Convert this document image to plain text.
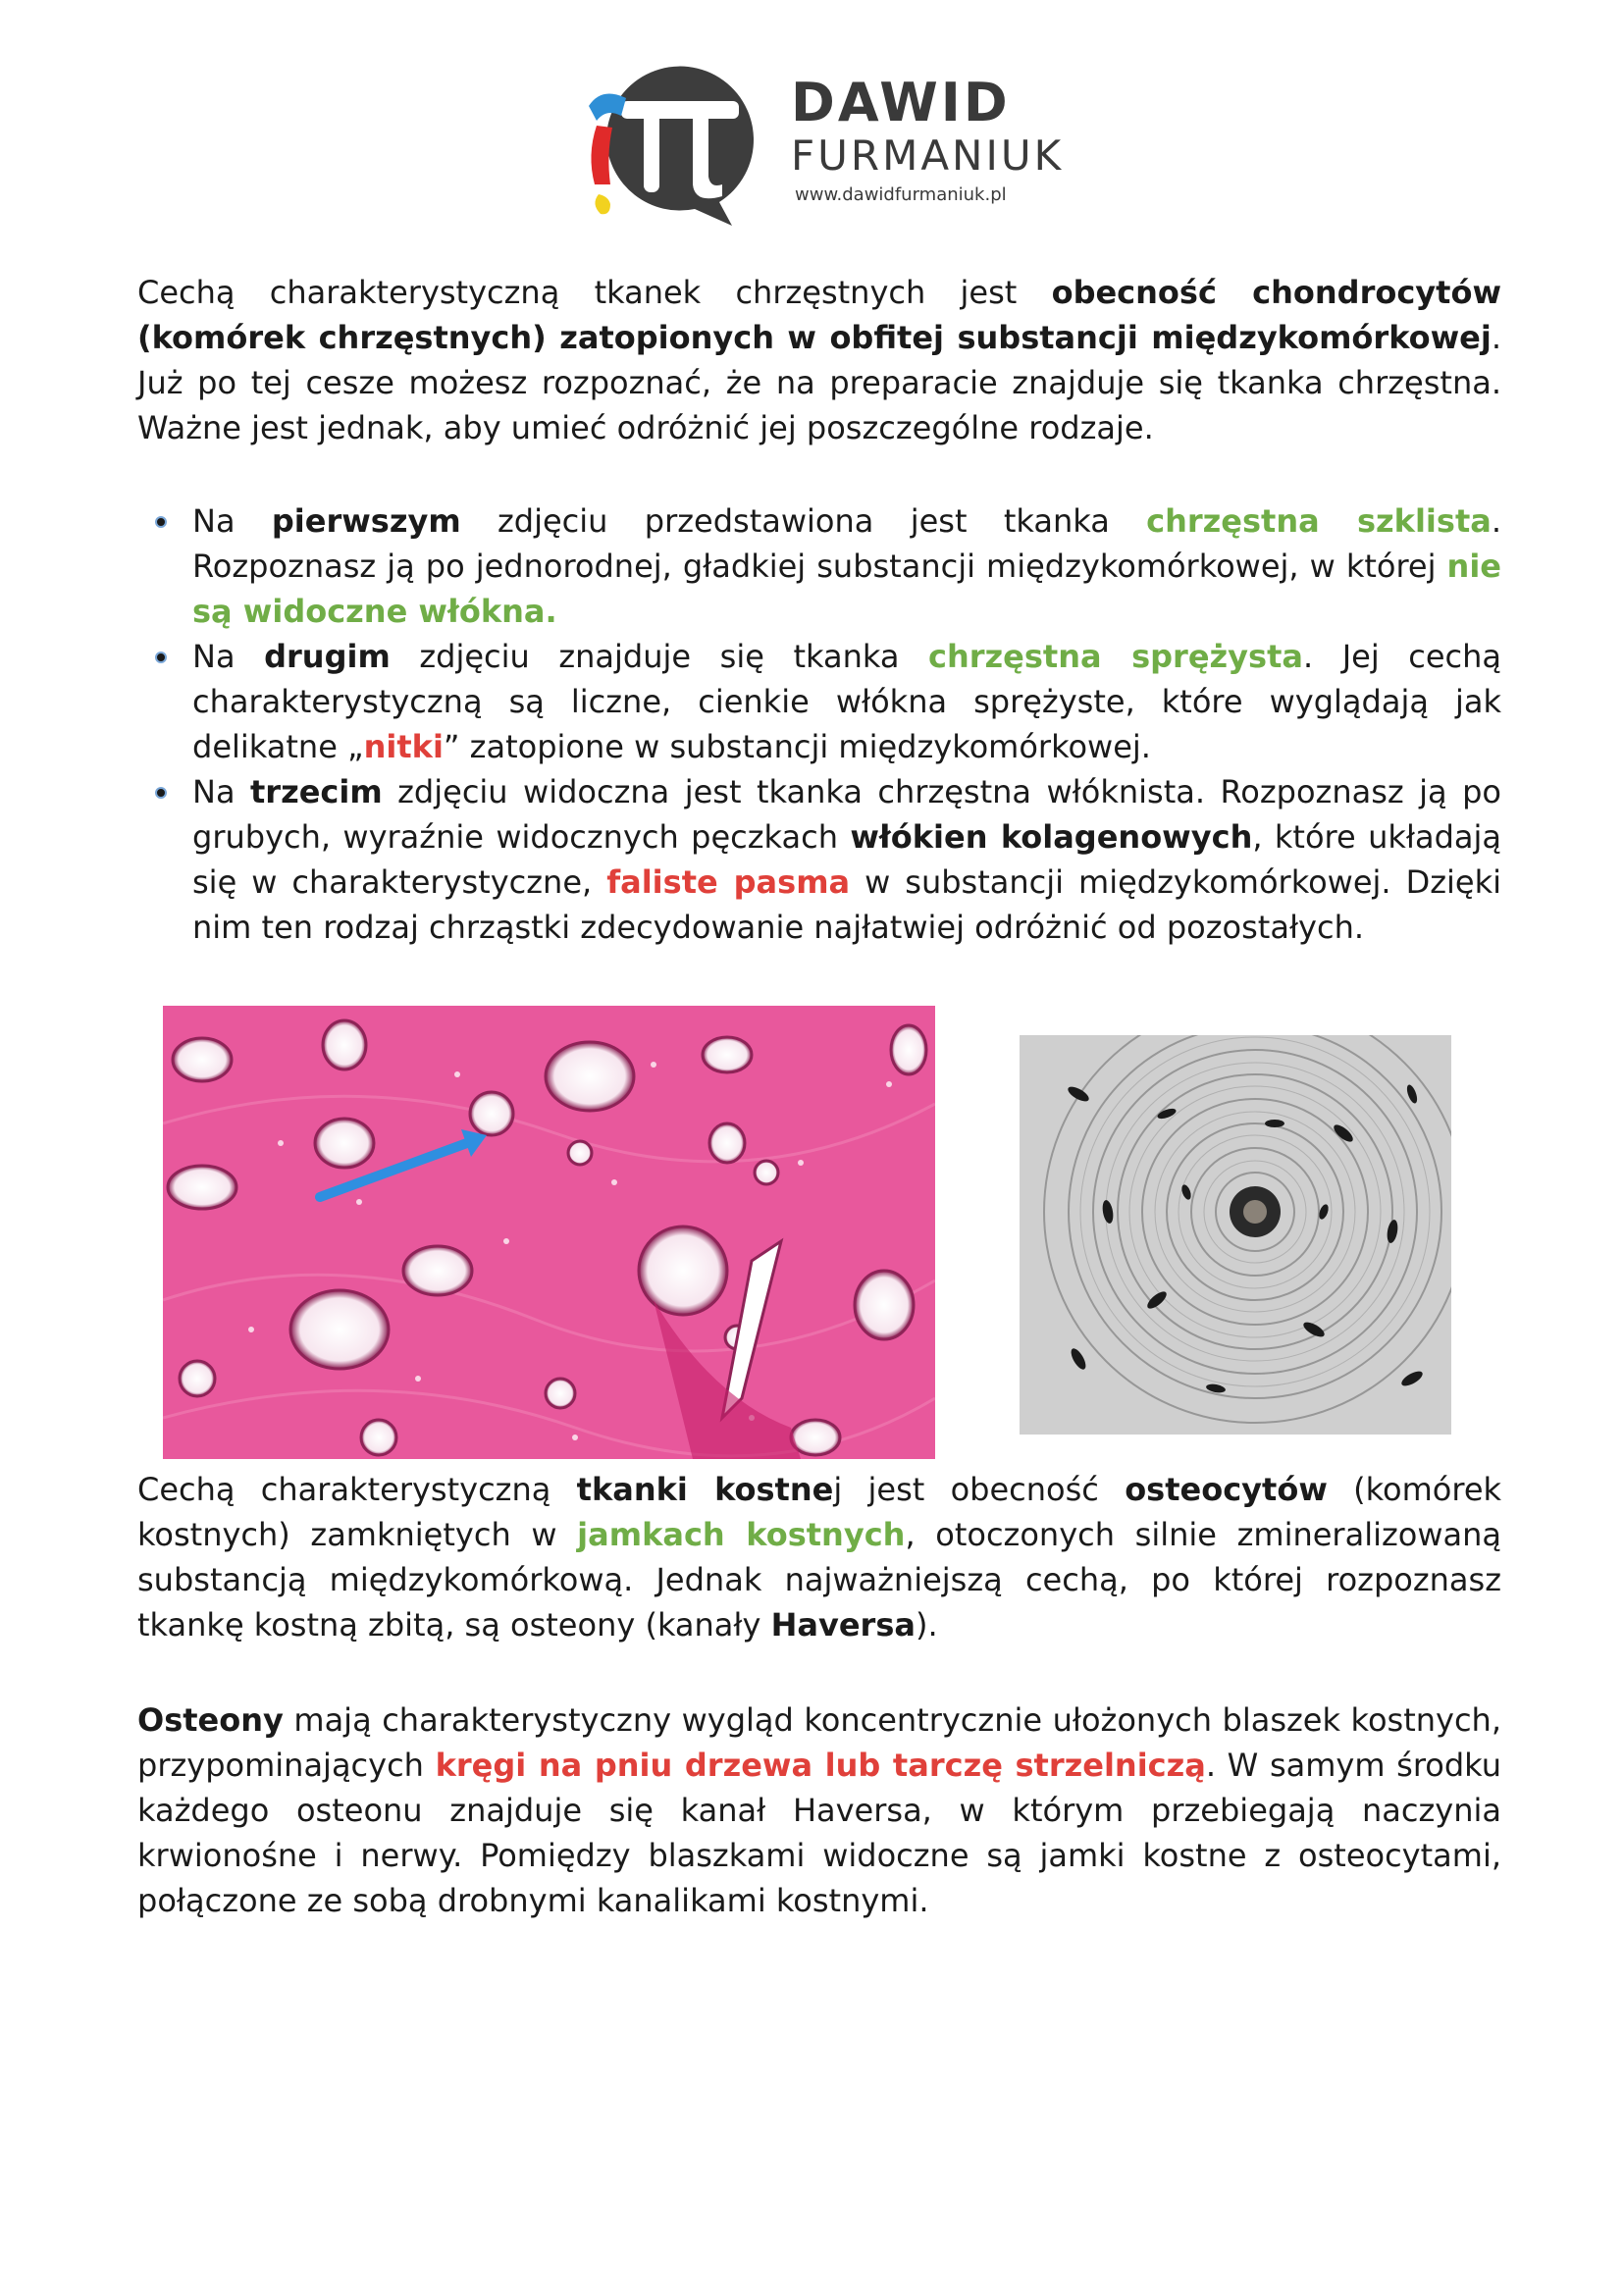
DAWID
FURMANIUK
www.dawidfurmaniuk.pl

Cechą charakterystyczną tkanek chrzęstnych jest obecność chondrocytów (komórek chrzęstnych) zatopionych w obfitej substancji międzykomórkowej. Już po tej cesze możesz rozpoznać, że na preparacie znajduje się tkanka chrzęstna. Ważne jest jednak, aby umieć odróżnić jej poszczególne rodzaje.

Na pierwszym zdjęciu przedstawiona jest tkanka chrzęstna szklista. Rozpoznasz ją po jednorodnej, gładkiej substancji międzykomórkowej, w której nie są widoczne włókna.
Na drugim zdjęciu znajduje się tkanka chrzęstna sprężysta. Jej cechą charakterystyczną są liczne, cienkie włókna sprężyste, które wyglądają jak delikatne „nitki” zatopione w substancji międzykomórkowej.
Na trzecim zdjęciu widoczna jest tkanka chrzęstna włóknista. Rozpoznasz ją po grubych, wyraźnie widocznych pęczkach włókien kolagenowych, które układają się w charakterystyczne, faliste pasma w substancji międzykomórkowej. Dzięki nim ten rodzaj chrząstki zdecydowanie najłatwiej odróżnić od pozostałych.

Cechą charakterystyczną tkanki kostnej jest obecność osteocytów (komórek kostnych) zamkniętych w jamkach kostnych, otoczonych silnie zmineralizowaną substancją międzykomórkową. Jednak najważniejszą cechą, po której rozpoznasz tkankę kostną zbitą, są osteony (kanały Haversa).

Osteony mają charakterystyczny wygląd koncentrycznie ułożonych blaszek kostnych, przypominających kręgi na pniu drzewa lub tarczę strzelniczą. W samym środku każdego osteonu znajduje się kanał Haversa, w którym przebiegają naczynia krwionośne i nerwy. Pomiędzy blaszkami widoczne są jamki kostne z osteocytami, połączone ze sobą drobnymi kanalikami kostnymi.
